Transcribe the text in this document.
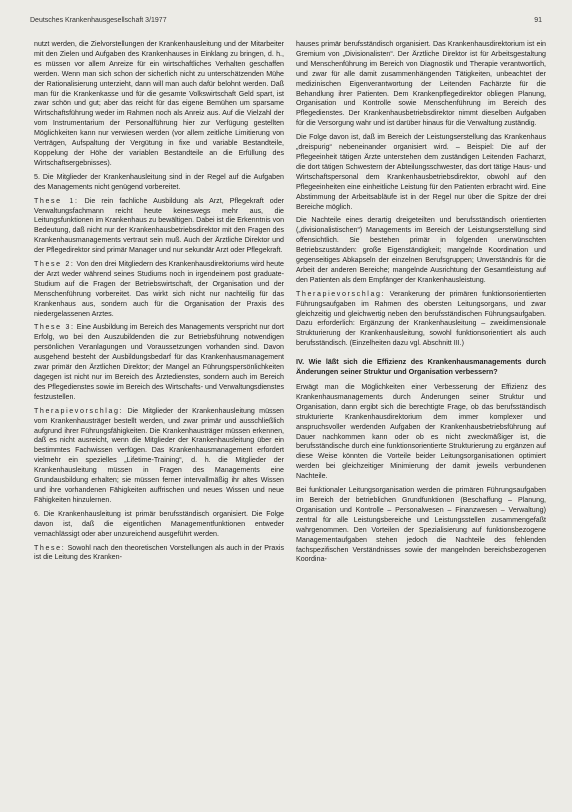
Deutsches Krankenhausgesellschaft 3/1977	91

nutzt werden, die Zielvorstellungen der Krankenhausleitung und der Mitarbeiter mit den Zielen und Aufgaben des Krankenhauses in Einklang zu bringen, d. h., es müssen vor allem Anreize für ein wirtschaftliches Verhalten geschaffen werden. Wenn man sich schon der sicherlich nicht zu unterschätzenden Mühe der Rationalisierung unterzieht, dann will man auch dafür belohnt werden. Daß man für die Krankenkasse und für die gesamte Volkswirtschaft Geld spart, ist zwar schön und gut; aber das reicht für das eigene Bemühen um sparsame Wirtschaftsführung weder im Rahmen noch als Anreiz aus. Auf die Vielzahl der vom Instrumentarium der Personalführung hier zur Verfügung gestellten Möglichkeiten kann nur verwiesen werden (vor allem zeitliche Limitierung von Verträgen, Aufspaltung der Vergütung in fixe und variable Bestandteile, Koppelung der Höhe der variablen Bestandteile an die Erfüllung des Wirtschaftsergebnisses).

5. Die Mitglieder der Krankenhausleitung sind in der Regel auf die Aufgaben des Managements nicht genügend vorbereitet.

These 1: Die rein fachliche Ausbildung als Arzt, Pflegekraft oder Verwaltungsfachmann reicht heute keineswegs mehr aus, die Leitungsfunktionen im Krankenhaus zu bewältigen. Dabei ist die Erkenntnis von Bedeutung, daß nicht nur der Krankenhausbetriebsdirektor mit den Fragen des Krankenhausmanagements vertraut sein muß. Auch der Ärztliche Direktor und der Pflegedirektor sind primär Manager und nur sekundär Arzt oder Pflegekraft.

These 2: Von den drei Mitgliedern des Krankenhausdirektoriums wird heute der Arzt weder während seines Studiums noch in irgendeinem post graduate-Studium auf die Fragen der Betriebswirtschaft, der Organisation und der Menschenführung vorbereitet. Das wirkt sich nicht nur nachteilig für das Krankenhaus aus, sondern auch für die Organisation der Praxis des niedergelassenen Arztes.

These 3: Eine Ausbildung im Bereich des Managements verspricht nur dort Erfolg, wo bei den Auszubildenden die zur Betriebsführung notwendigen persönlichen Veranlagungen und Voraussetzungen vorhanden sind. Davon ausgehend besteht der Ausbildungsbedarf für das Krankenhausmanagement zwar primär den Ärztlichen Direktor; der Mangel an Führungspersönlichkeiten dagegen ist nicht nur im Bereich des Ärztedienstes, sondern auch im Bereich des Pflegedienstes sowie im Bereich des Wirtschafts- und Verwaltungsdienstes festzustellen.

Therapievorschlag: Die Mitglieder der Krankenhausleitung müssen vom Krankenhausträger bestellt werden, und zwar primär und ausschließlich aufgrund ihrer Führungsfähigkeiten. Die Krankenhausträger müssen erkennen, daß es nicht ausreicht, wenn die Mitglieder der Krankenhausleitung über ein bestimmtes Fachwissen verfügen. Das Krankenhausmanagement erfordert vielmehr ein spezielles „Lifetime-Training“, d. h. die Mitglieder der Krankenhausleitung müssen in Fragen des Managements eine Grundausbildung erhalten; sie müssen ferner intervallmäßig ihr altes Wissen und ihre vorhandenen Fähigkeiten auffrischen und neues Wissen und neue Fähigkeiten hinzulernen.

6. Die Krankenhausleitung ist primär berufsständisch organisiert. Die Folge davon ist, daß die eigentlichen Managementfunktionen entweder vernachlässigt oder aber unzureichend ausgeführt werden.

These: Sowohl nach den theoretischen Vorstellungen als auch in der Praxis ist die Leitung des Kranken-

hauses primär berufsständisch organisiert. Das Krankenhausdirektorium ist ein Gremium von „Divisionalisten“. Der Ärztliche Direktor ist für Arbeitsgestaltung und Menschenführung im Bereich von Diagnostik und Therapie verantwortlich, und zwar für alle damit zusammenhängenden Tätigkeiten, unbeachtet der medizinischen Eigenverantwortung der Leitenden Fachärzte für die Behandlung ihrer Patienten. Dem Krankenpflegedirektor obliegen Planung, Organisation und Kontrolle sowie Menschenführung im Bereich des Pflegedienstes. Der Krankenhausbetriebsdirektor nimmt dieselben Aufgaben für die Versorgung wahr und ist darüber hinaus für die Verwaltung zuständig.

Die Folge davon ist, daß im Bereich der Leistungserstellung das Krankenhaus „dreispurig“ nebeneinander organisiert wird. – Beispiel: Die auf der Pflegeeinheit tätigen Ärzte unterstehen dem zuständigen Leitenden Facharzt, die dort tätigen Schwestern der Abteilungsschwester, das dort tätige Haus- und Wirtschaftspersonal dem Krankenhausbetriebsdirektor, obwohl auf den Pflegeeinheiten eine einheitliche Leistung für den Patienten erbracht wird. Eine Abstimmung der Arbeitsabläufe ist in der Regel nur über die Spitze der drei Bereiche möglich.

Die Nachteile eines derartig dreigeteilten und berufsständisch orientierten („divisionalistischen“) Managements im Bereich der Leistungserstellung sind offensichtlich. Sie bestehen primär in folgenden unerwünschten Betriebszuständen: große Eigenständigkeit; mangelnde Koordination und gegenseitiges Abkapseln der einzelnen Berufsgruppen; Unverständnis für die Arbeit der anderen Bereiche; mangelnde Ausrichtung der Gesamtleistung auf den Patienten als dem Empfänger der Krankenhausleistung.

Therapievorschlag: Verankerung der primären funktionsorientierten Führungsaufgaben im Rahmen des obersten Leitungsorgans, und zwar gleichzeitig und gleichwertig neben den berufsständischen Führungsaufgaben. Dazu erforderlich: Ergänzung der Krankenhausleitung – zweidimensionale Strukturierung der Krankenhausleitung, sowohl funktionsorientiert als auch berufsständisch. (Einzelheiten dazu vgl. Abschnitt III.)

IV. Wie läßt sich die Effizienz des Krankenhausmanagements durch Änderungen seiner Struktur und Organisation verbessern?

Erwägt man die Möglichkeiten einer Verbesserung der Effizienz des Krankenhausmanagements durch Änderungen seiner Struktur und Organisation, dann ergibt sich die berechtigte Frage, ob das berufsständisch strukturierte Krankenhausdirektorium dem immer komplexer und anspruchsvoller werdenden Aufgaben der Krankenhausbetriebsführung auf Dauer nachkommen kann oder ob es nicht zweckmäßiger ist, die berufsständische durch eine funktionsorientierte Strukturierung zu ergänzen auf diese Weise könnten die Vorteile beider Leitungsorganisationen optimiert werden bei gleichzeitiger Minimierung der damit jeweils verbundenen Nachteile.

Bei funktionaler Leitungsorganisation werden die primären Führungsaufgaben im Bereich der betrieblichen Grundfunktionen (Beschaffung – Planung, Organisation und Kontrolle – Personalwesen – Finanzwesen – Verwaltung) zentral für alle Leistungsbereiche und Leistungsstellen zusammengefaßt wahrgenommen. Den Vorteilen der Spezialisierung auf funktionsbezogene Managementaufgaben stehen jedoch die Nachteile des fehlenden fachspezifischen Verständnisses sowie der mangelnden bereichsbezogenen Koordina-
